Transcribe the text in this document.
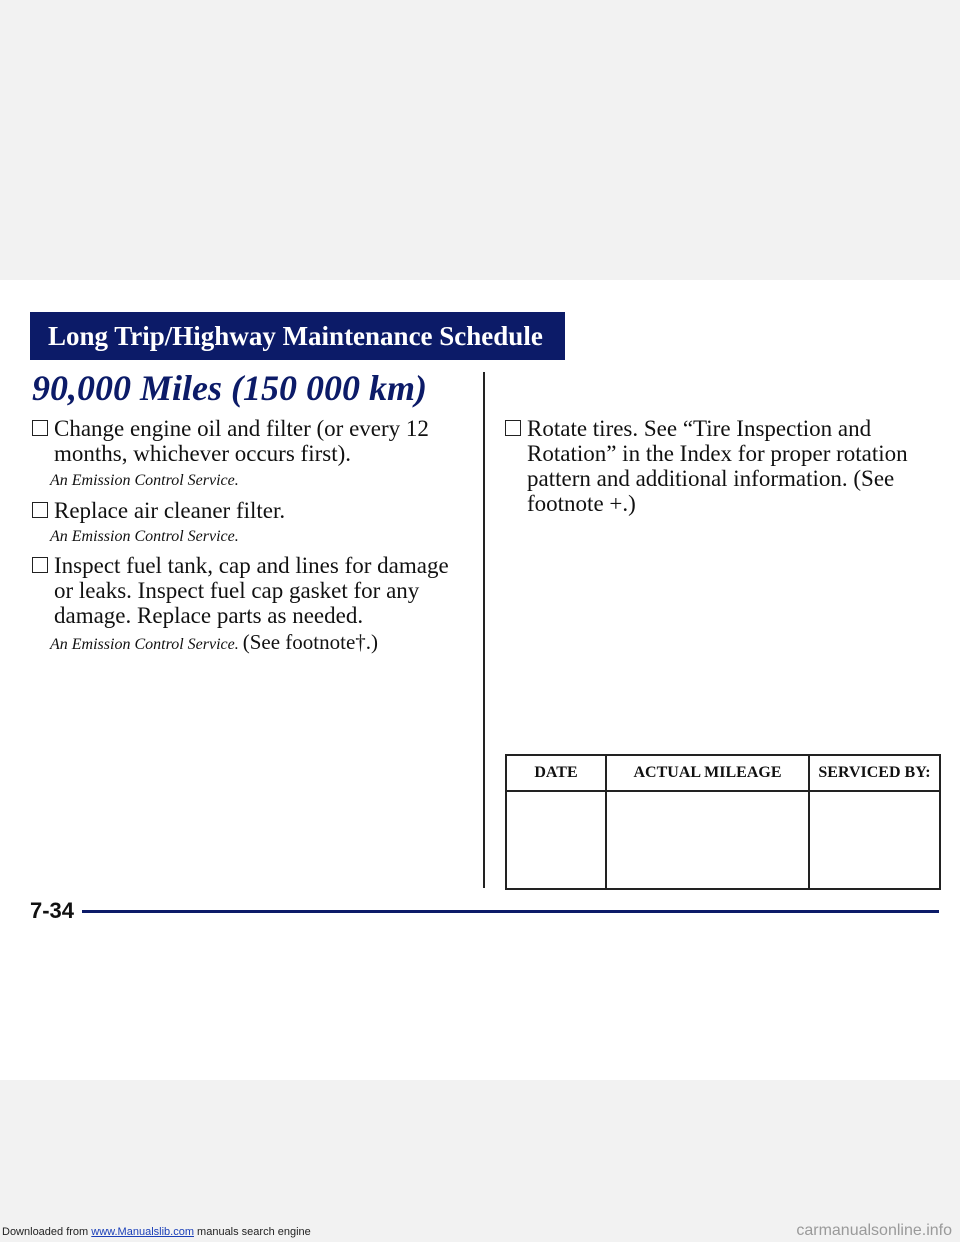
Long Trip/Highway Maintenance Schedule
90,000 Miles (150 000 km)
Change engine oil and filter (or every 12 months, whichever occurs first).
An Emission Control Service.
Replace air cleaner filter.
An Emission Control Service.
Inspect fuel tank, cap and lines for damage or leaks. Inspect fuel cap gasket for any damage. Replace parts as needed.
An Emission Control Service. (See footnote†.)
Rotate tires. See “Tire Inspection and Rotation” in the Index for proper rotation pattern and additional information. (See footnote +.)
DATE	ACTUAL MILEAGE	SERVICED BY:

7-34
Downloaded from www.Manualslib.com manuals search engine	carmanualsonline.info
